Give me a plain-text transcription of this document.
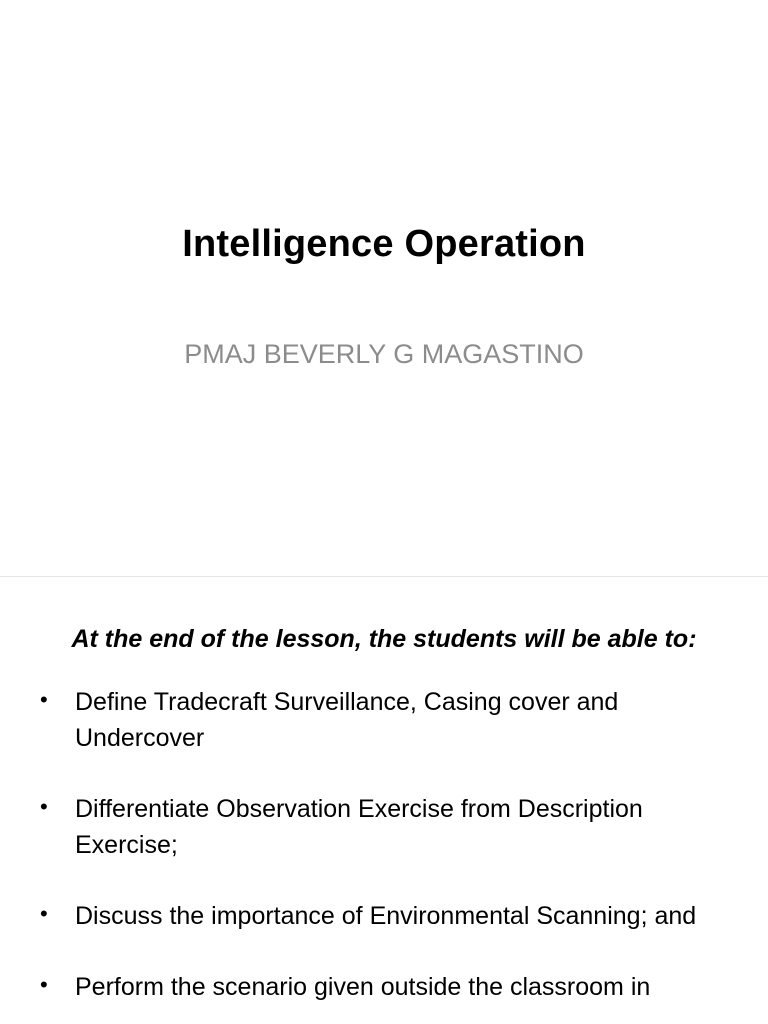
Intelligence Operation
PMAJ BEVERLY G MAGASTINO
At the end of the lesson, the students will be able to:
•	Define Tradecraft Surveillance, Casing cover and Undercover
•	Differentiate Observation Exercise from Description Exercise;
•	Discuss the importance of Environmental Scanning; and
•	Perform the scenario given outside the classroom in
